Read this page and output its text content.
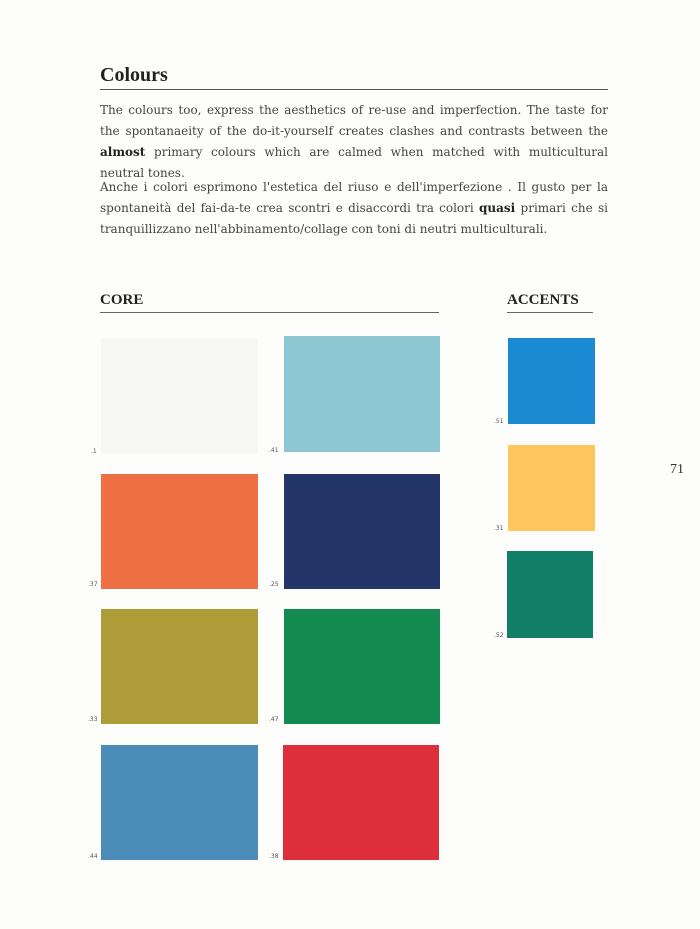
Colours

The colours too, express the aesthetics of re-use and imperfection. The taste for the spontanaeity of the do-it-yourself creates clashes and contrasts between the almost primary colours which are calmed when matched with multicultural neutral tones.

Anche i colori esprimono l'estetica del riuso e dell'imperfezione . Il gusto per la spontaneità del fai-da-te crea scontri e disaccordi tra colori quasi primari che si tranquillizzano nell'abbinamento/collage con toni di neutri multiculturali.

CORE	ACCENTS
.1	.41
.37	.25
.33	.47
.44	.38
.51
.31
.52
71
